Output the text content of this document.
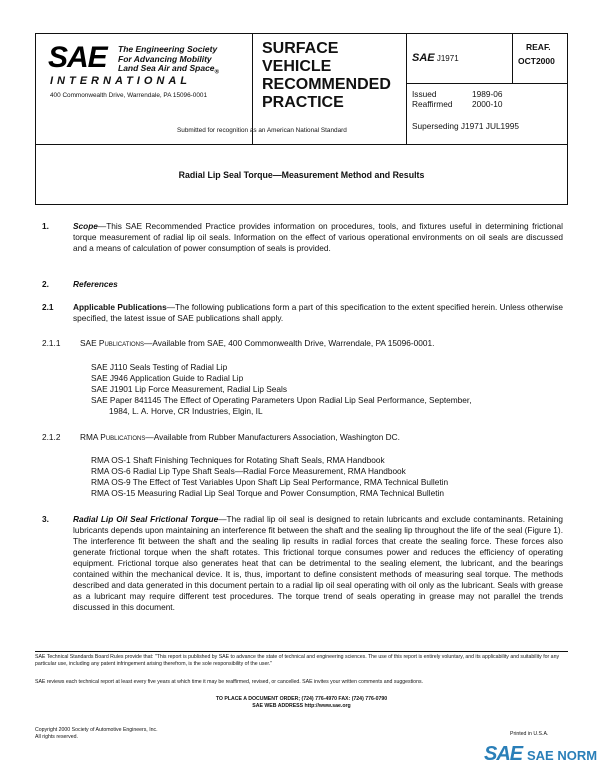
SAE The Engineering Society
For Advancing Mobility
Land Sea Air and Space$_®$
INTERNATIONAL
400 Commonwealth Drive, Warrendale, PA 15096-0001
SURFACE
VEHICLE
RECOMMENDED
PRACTICE
Submitted for recognition as an American National Standard
SAE J1971
REAF.
OCT2000
Issued	1989-06
Reaffirmed 2000-10
Superseding J1971 JUL1995
Radial Lip Seal Torque—Measurement Method and Results
1.	Scope—This SAE Recommended Practice provides information on procedures, tools, and fixtures useful in determining frictional torque measurement of radial lip oil seals. Information on the effect of various operational environments on oil seals are discussed and a means of calculation of power consumption of seals is provided.
2.	References
2.1 Applicable Publications—The following publications form a part of this specification to the extent specified herein. Unless otherwise specified, the latest issue of SAE publications shall apply.
2.1.1 SAE Publications—Available from SAE, 400 Commonwealth Drive, Warrendale, PA 15096-0001.
SAE J110 Seals Testing of Radial Lip
SAE J946 Application Guide to Radial Lip
SAE J1901 Lip Force Measurement, Radial Lip Seals
SAE Paper 841145 The Effect of Operating Parameters Upon Radial Lip Seal Performance, September,
1984, L. A. Horve, CR Industries, Elgin, IL
2.1.2 RMA Publications—Available from Rubber Manufacturers Association, Washington DC.
RMA OS-1 Shaft Finishing Techniques for Rotating Shaft Seals, RMA Handbook
RMA OS-6 Radial Lip Type Shaft Seals—Radial Force Measurement, RMA Handbook
RMA OS-9 The Effect of Test Variables Upon Shaft Lip Seal Performance, RMA Technical Bulletin
RMA OS-15 Measuring Radial Lip Seal Torque and Power Consumption, RMA Technical Bulletin
3.	Radial Lip Oil Seal Frictional Torque—The radial lip oil seal is designed to retain lubricants and exclude contaminants. Retaining lubricants depends upon maintaining an interference fit between the shaft and the sealing lip throughout the life of the seal (Figure 1). The interference fit between the shaft and the sealing lip results in radial forces that create the sealing force. These forces also generate frictional torque when the shaft rotates. This frictional torque consumes power and reduces the efficiency of operating equipment. Frictional torque also generates heat that can be detrimental to the sealing element, the lubricant, and the bearings contained within the mechanical device. It is, thus, important to define consistent methods of measuring seal torque. The methods described and data generated in this document pertain to a radial lip oil seal operating with oil only as the lubricant. Seals with grease as a lubricant may require different test procedures. The torque trend of seals operating in grease may not parallel the trends discussed in this document.
SAE Technical Standards Board Rules provide that: "This report is published by SAE to advance the state of technical and engineering sciences. The use of this report is entirely voluntary, and its applicability and suitability for any particular use, including any patent infringement arising therefrom, is the sole responsibility of the user."
SAE reviews each technical report at least every five years at which time it may be reaffirmed, revised, or cancelled. SAE invites your written comments and suggestions.
TO PLACE A DOCUMENT ORDER; (724) 776-4970 FAX: (724) 776-0790
SAE WEB ADDRESS http://www.sae.org
Copyright 2000 Society of Automotive Engineers, Inc.
All rights reserved.	Printed in U.S.A.
SAE SAE NORM
